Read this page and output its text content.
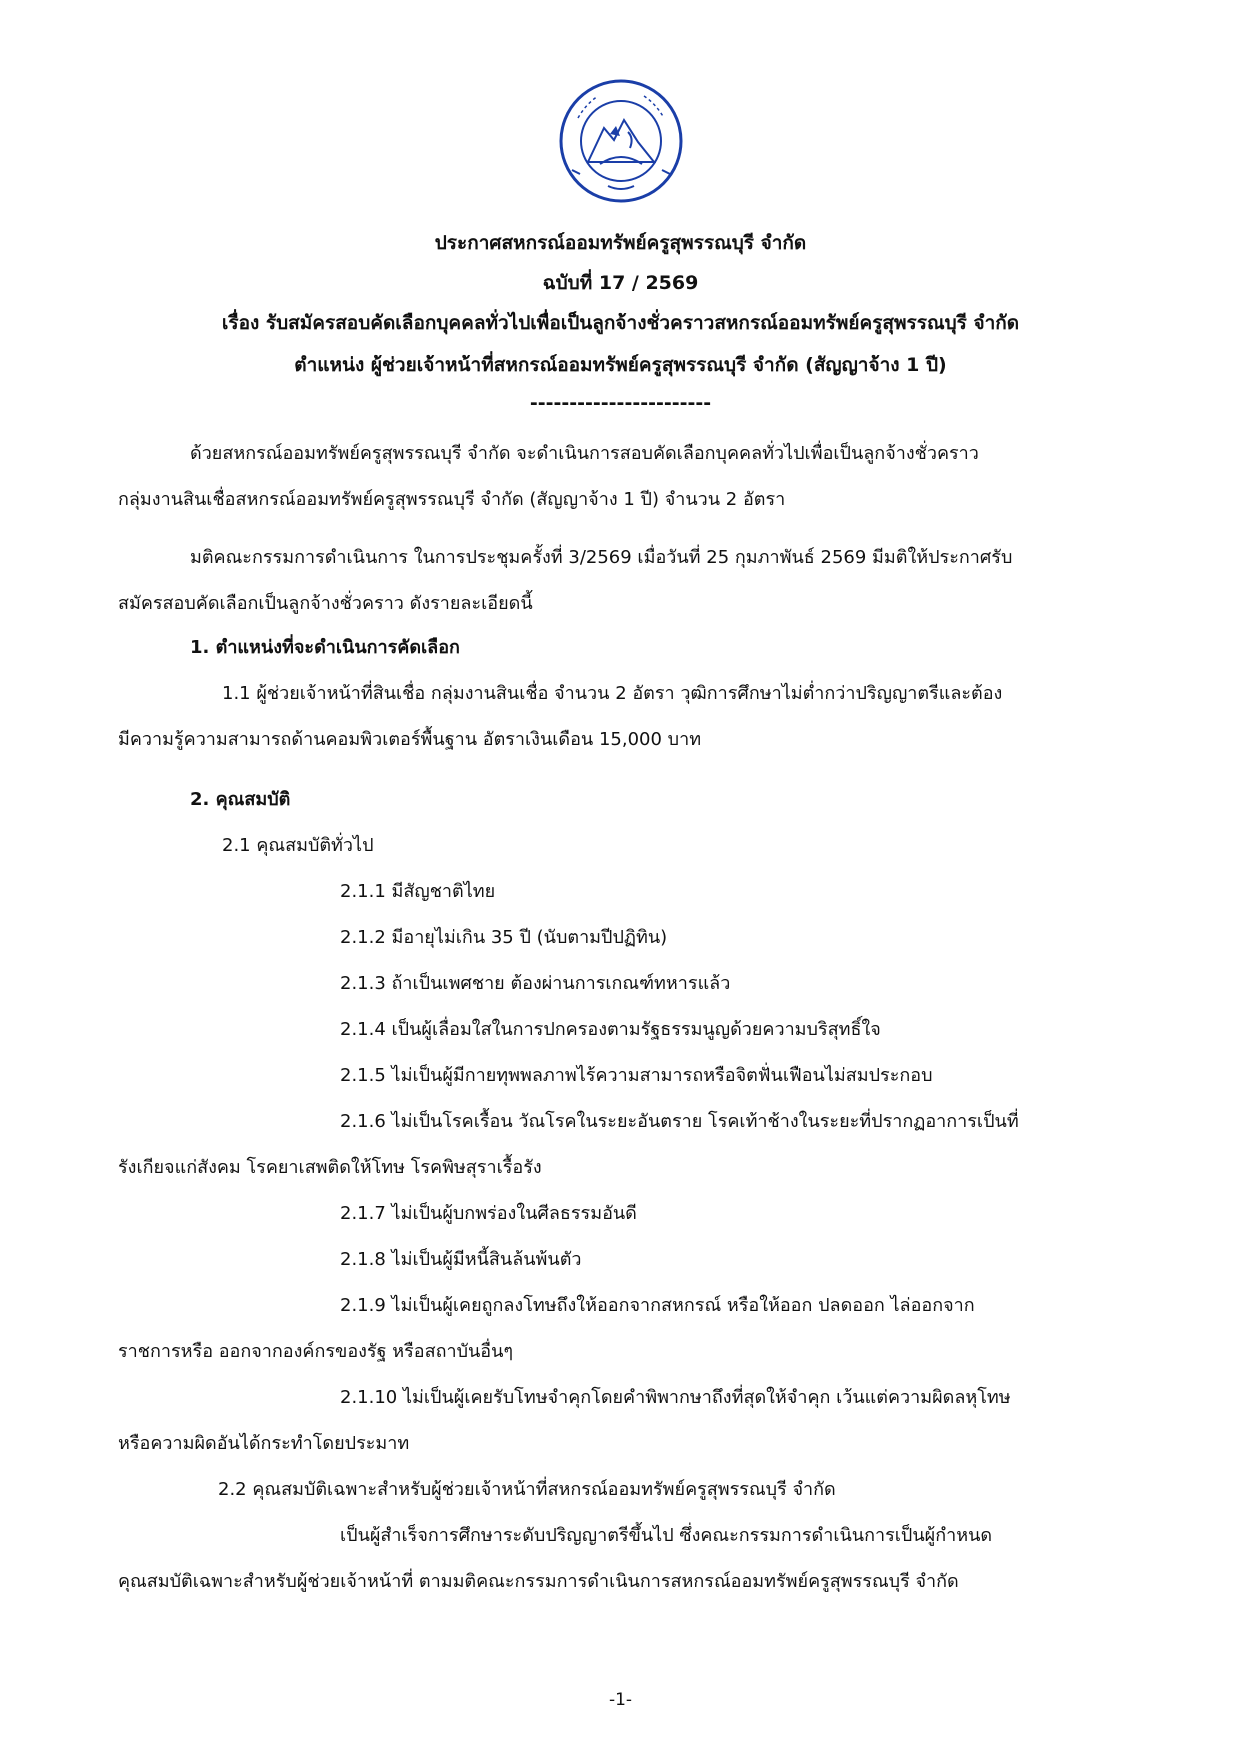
ประกาศสหกรณ์ออมทรัพย์ครูสุพรรณบุรี จำกัด
ฉบับที่ 17 / 2569
เรื่อง รับสมัครสอบคัดเลือกบุคคลทั่วไปเพื่อเป็นลูกจ้างชั่วคราวสหกรณ์ออมทรัพย์ครูสุพรรณบุรี จำกัด
ตำแหน่ง ผู้ช่วยเจ้าหน้าที่สหกรณ์ออมทรัพย์ครูสุพรรณบุรี จำกัด (สัญญาจ้าง 1 ปี)
-----------------------
ด้วยสหกรณ์ออมทรัพย์ครูสุพรรณบุรี จำกัด จะดำเนินการสอบคัดเลือกบุคคลทั่วไปเพื่อเป็นลูกจ้างชั่วคราว
กลุ่มงานสินเชื่อสหกรณ์ออมทรัพย์ครูสุพรรณบุรี จำกัด (สัญญาจ้าง 1 ปี) จำนวน 2 อัตรา
มติคณะกรรมการดำเนินการ ในการประชุมครั้งที่ 3/2569 เมื่อวันที่ 25 กุมภาพันธ์ 2569 มีมติให้ประกาศรับ
สมัครสอบคัดเลือกเป็นลูกจ้างชั่วคราว ดังรายละเอียดนี้
1. ตำแหน่งที่จะดำเนินการคัดเลือก
1.1 ผู้ช่วยเจ้าหน้าที่สินเชื่อ กลุ่มงานสินเชื่อ จำนวน 2 อัตรา วุฒิการศึกษาไม่ต่ำกว่าปริญญาตรีและต้อง
มีความรู้ความสามารถด้านคอมพิวเตอร์พื้นฐาน อัตราเงินเดือน 15,000 บาท
2. คุณสมบัติ
2.1 คุณสมบัติทั่วไป
2.1.1 มีสัญชาติไทย
2.1.2 มีอายุไม่เกิน 35 ปี (นับตามปีปฏิทิน)
2.1.3 ถ้าเป็นเพศชาย ต้องผ่านการเกณฑ์ทหารแล้ว
2.1.4 เป็นผู้เลื่อมใสในการปกครองตามรัฐธรรมนูญด้วยความบริสุทธิ์ใจ
2.1.5 ไม่เป็นผู้มีกายทุพพลภาพไร้ความสามารถหรือจิตฟั่นเฟือนไม่สมประกอบ
2.1.6 ไม่เป็นโรคเรื้อน วัณโรคในระยะอันตราย โรคเท้าช้างในระยะที่ปรากฏอาการเป็นที่
รังเกียจแก่สังคม โรคยาเสพติดให้โทษ โรคพิษสุราเรื้อรัง
2.1.7 ไม่เป็นผู้บกพร่องในศีลธรรมอันดี
2.1.8 ไม่เป็นผู้มีหนี้สินล้นพ้นตัว
2.1.9 ไม่เป็นผู้เคยถูกลงโทษถึงให้ออกจากสหกรณ์ หรือให้ออก ปลดออก ไล่ออกจาก
ราชการหรือ ออกจากองค์กรของรัฐ หรือสถาบันอื่นๆ
2.1.10 ไม่เป็นผู้เคยรับโทษจำคุกโดยคำพิพากษาถึงที่สุดให้จำคุก เว้นแต่ความผิดลหุโทษ
หรือความผิดอันได้กระทำโดยประมาท
2.2 คุณสมบัติเฉพาะสำหรับผู้ช่วยเจ้าหน้าที่สหกรณ์ออมทรัพย์ครูสุพรรณบุรี จำกัด
เป็นผู้สำเร็จการศึกษาระดับปริญญาตรีขึ้นไป ซึ่งคณะกรรมการดำเนินการเป็นผู้กำหนด
คุณสมบัติเฉพาะสำหรับผู้ช่วยเจ้าหน้าที่ ตามมติคณะกรรมการดำเนินการสหกรณ์ออมทรัพย์ครูสุพรรณบุรี จำกัด
-1-
